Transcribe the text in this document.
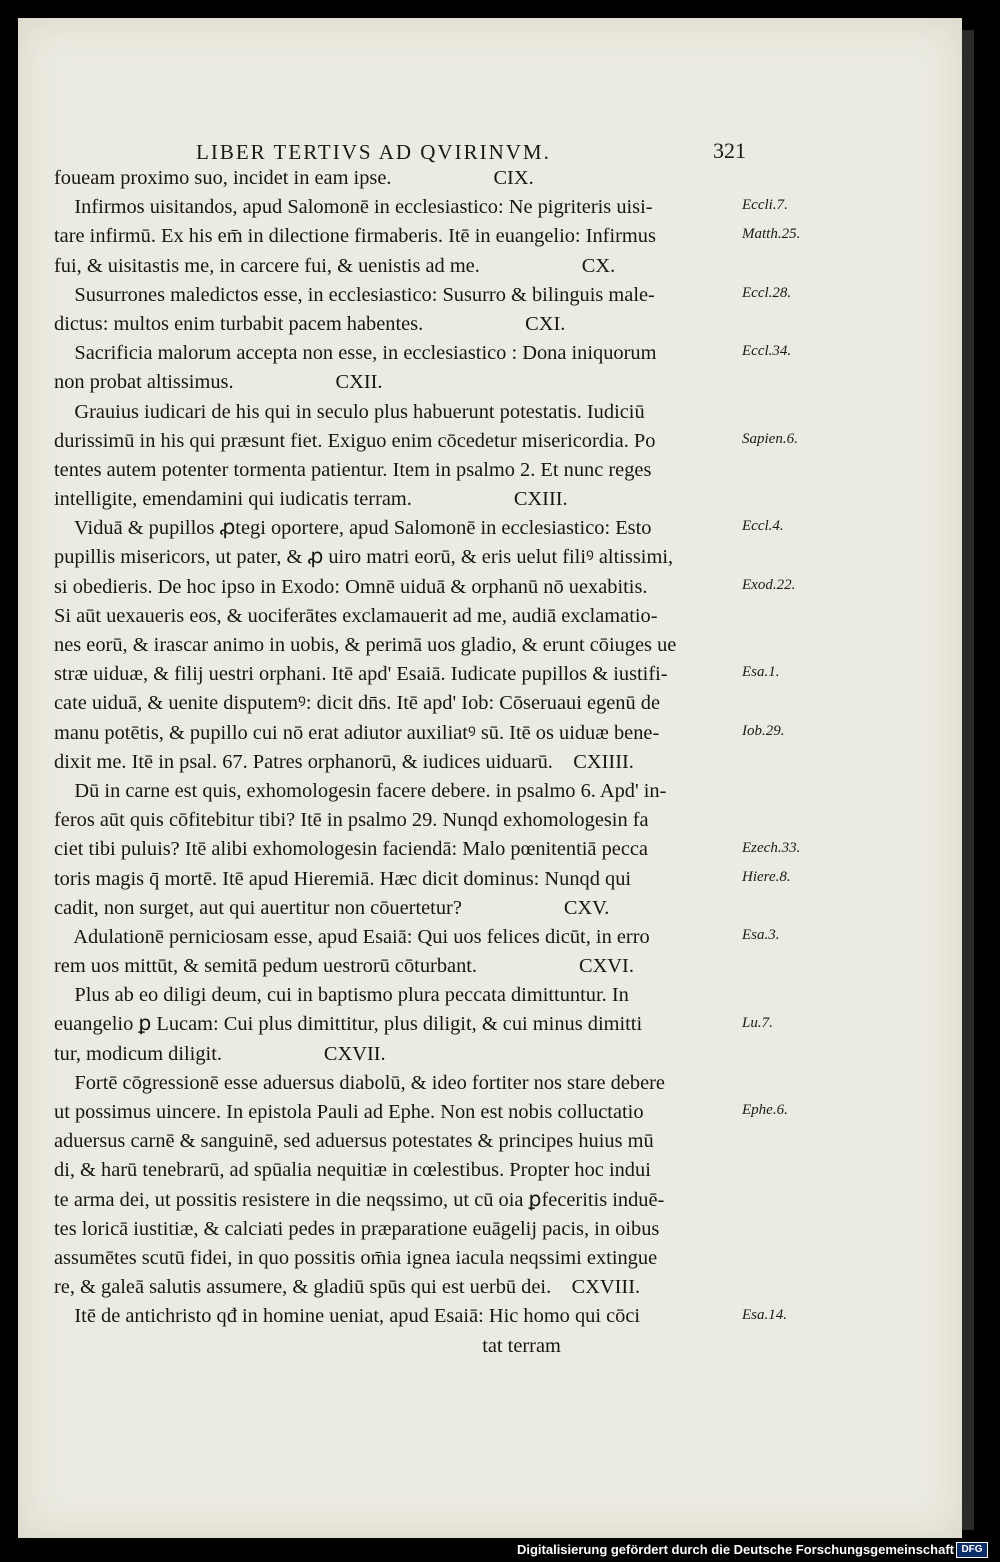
LIBER TERTIVS AD QVIRINVM.	321
foueam proximo suo, incidet in eam ipse.                    CIX.
Infirmos uisitandos, apud Salomonē in ecclesiastico: Ne pigriteris uisi-
tare infirmū. Ex his em̄ in dilectione firmaberis. Itē in euangelio: Infirmus
fui, & uisitastis me, in carcere fui, & uenistis ad me.                    CX.
Susurrones maledictos esse, in ecclesiastico: Susurro & bilinguis male-
dictus: multos enim turbabit pacem habentes.                    CXI.
Sacrificia malorum accepta non esse, in ecclesiastico : Dona iniquorum
non probat altissimus.                    CXII.
Grauius iudicari de his qui in seculo plus habuerunt potestatis. Iudiciū
durissimū in his qui præsunt fiet. Exiguo enim cōcedetur misericordia. Po
tentes autem potenter tormenta patientur. Item in psalmo 2. Et nunc reges
intelligite, emendamini qui iudicatis terram.                    CXIII.
Viduā & pupillos ꝓtegi oportere, apud Salomonē in ecclesiastico: Esto
pupillis misericors, ut pater, & ꝓ uiro matri eorū, & eris uelut filiꝰ altissimi,
si obedieris. De hoc ipso in Exodo: Omnē uiduā & orphanū nō uexabitis.
Si aūt uexaueris eos, & uociferātes exclamauerit ad me, audiā exclamatio-
nes eorū, & irascar animo in uobis, & perimā uos gladio, & erunt cōiuges ue
stræ uiduæ, & filij uestri orphani. Itē apd' Esaiā. Iudicate pupillos & iustifi-
cate uiduā, & uenite disputemꝰ: dicit dn̄s. Itē apd' Iob: Cōseruaui egenū de
manu potētis, & pupillo cui nō erat adiutor auxiliatꝰ sū. Itē os uiduæ bene-
dixit me. Itē in psal. 67. Patres orphanorū, & iudices uiduarū.    CXIIII.
Dū in carne est quis, exhomologesin facere debere. in psalmo 6. Apd' in-
feros aūt quis cōfitebitur tibi? Itē in psalmo 29. Nunqd exhomologesin fa
ciet tibi puluis? Itē alibi exhomologesin faciendā: Malo pœnitentiā pecca
toris magis q̄ mortē. Itē apud Hieremiā. Hæc dicit dominus: Nunqd qui
cadit, non surget, aut qui auertitur non cōuertetur?                    CXV.
Adulationē perniciosam esse, apud Esaiā: Qui uos felices dicūt, in erro
rem uos mittūt, & semitā pedum uestrorū cōturbant.                    CXVI.
Plus ab eo diligi deum, cui in baptismo plura peccata dimittuntur. In
euangelio ꝑ Lucam: Cui plus dimittitur, plus diligit, & cui minus dimitti
tur, modicum diligit.                    CXVII.
Fortē cōgressionē esse aduersus diabolū, & ideo fortiter nos stare debere
ut possimus uincere. In epistola Pauli ad Ephe. Non est nobis colluctatio
aduersus carnē & sanguinē, sed aduersus potestates & principes huius mū
di, & harū tenebrarū, ad spūalia nequitiæ in cœlestibus. Propter hoc indui
te arma dei, ut possitis resistere in die neqssimo, ut cū oia ꝑfeceritis induē-
tes loricā iustitiæ, & calciati pedes in præparatione euāgelij pacis, in oibus
assumētes scutū fidei, in quo possitis om̄ia ignea iacula neqssimi extingue
re, & galeā salutis assumere, & gladiū spūs qui est uerbū dei.    CXVIII.
Itē de antichristo qđ in homine ueniat, apud Esaiā: Hic homo qui cōci
tat terram
Eccli.7.
Matth.25.
Eccl.28.
Eccl.34.
Sapien.6.
Eccl.4.
Exod.22.
Esa.1.
Iob.29.
Ezech.33.
Hiere.8.
Esa.3.
Lu.7.
Ephe.6.
Esa.14.
Digitalisierung gefördert durch die Deutsche Forschungsgemeinschaft DFG
